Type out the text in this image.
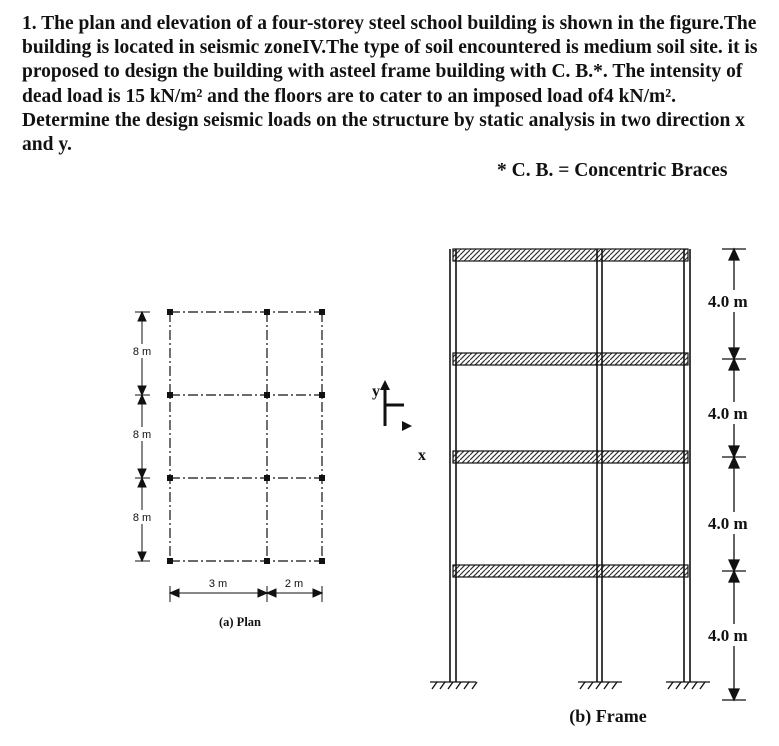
1. The plan and elevation of a four-storey steel school building is shown in the figure.The building is located in seismic zoneIV.The type of soil encountered is medium soil site. it is proposed to design the building with asteel frame building with C. B.*. The intensity of dead load is 15 kN/m² and the floors are to cater to an imposed load of4 kN/m². Determine the design seismic loads on the structure by static analysis in two direction x and y.

* C. B. = Concentric Braces
8 m
8 m
8 m
3 m	2 m
(a) Plan
y
x
(b) Frame
4.0 m
4.0 m
4.0 m
4.0 m
